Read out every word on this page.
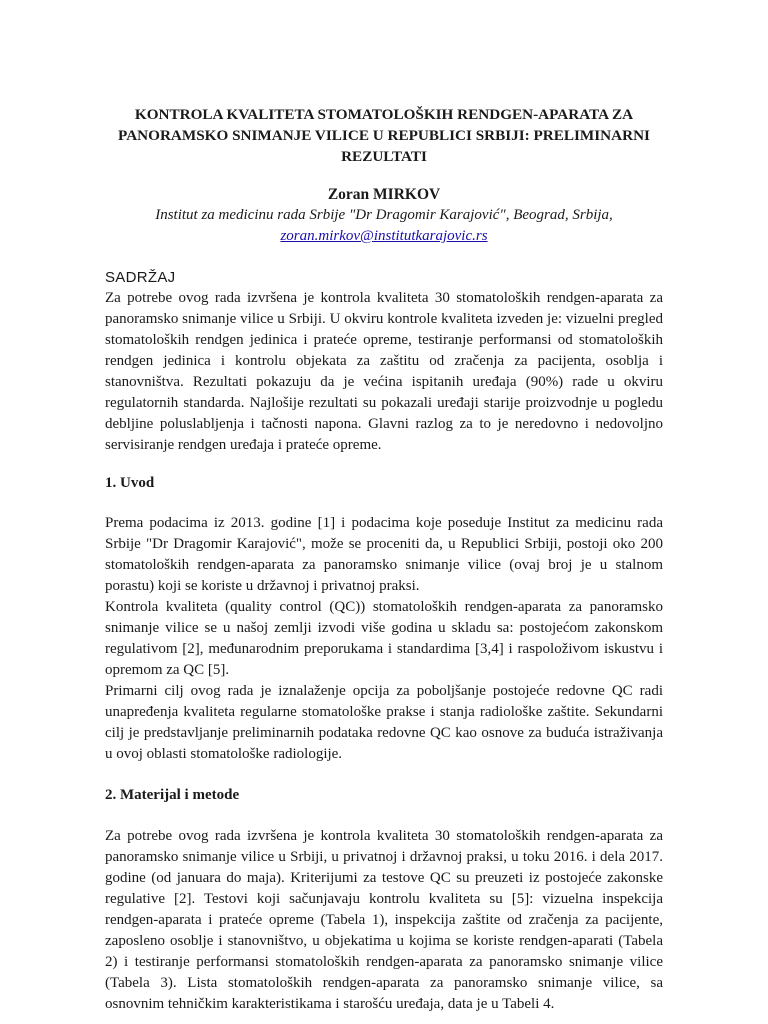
KONTROLA KVALITETA STOMATOLOŠKIH RENDGEN-APARATA ZA PANORAMSKO SNIMANJE VILICE U REPUBLICI SRBIJI: PRELIMINARNI REZULTATI
Zoran MIRKOV
Institut za medicinu rada Srbije "Dr Dragomir Karajović", Beograd, Srbija,
zoran.mirkov@institutkarajovic.rs
SADRŽAJ

Za potrebe ovog rada izvršena je kontrola kvaliteta 30 stomatoloških rendgen-aparata za panoramsko snimanje vilice u Srbiji. U okviru kontrole kvaliteta izveden je: vizuelni pregled stomatoloških rendgen jedinica i prateće opreme, testiranje performansi od stomatoloških rendgen jedinica i kontrolu objekata za zaštitu od zračenja za pacijenta, osoblja i stanovništva. Rezultati pokazuju da je većina ispitanih uređaja (90%) rade u okviru regulatornih standarda. Najlošije rezultati su pokazali uređaji starije proizvodnje u pogledu debljine poluslabljenja i tačnosti napona. Glavni razlog za to je neredovno i nedovoljno servisiranje rendgen uređaja i prateće opreme.

1. Uvod

Prema podacima iz 2013. godine [1] i podacima koje poseduje Institut za medicinu rada Srbije "Dr Dragomir Karajović", može se proceniti da, u Republici Srbiji, postoji oko 200 stomatoloških rendgen-aparata za panoramsko snimanje vilice (ovaj broj je u stalnom porastu) koji se koriste u državnoj i privatnoj praksi.

Kontrola kvaliteta (quality control (QC)) stomatoloških rendgen-aparata za panoramsko snimanje vilice se u našoj zemlji izvodi više godina u skladu sa: postojećom zakonskom regulativom [2], međunarodnim preporukama i standardima [3,4] i raspoloživom iskustvu i opremom za QC [5].

Primarni cilj ovog rada je iznalaženje opcija za poboljšanje postojeće redovne QC radi unapređenja kvaliteta regularne stomatološke prakse i stanja radiološke zaštite. Sekundarni cilj je predstavljanje preliminarnih podataka redovne QC kao osnove za buduća istraživanja u ovoj oblasti stomatološke radiologije.

2. Materijal i metode

Za potrebe ovog rada izvršena je kontrola kvaliteta 30 stomatoloških rendgen-aparata za panoramsko snimanje vilice u Srbiji, u privatnoj i državnoj praksi, u toku 2016. i dela 2017. godine (od januara do maja). Kriterijumi za testove QC su preuzeti iz postojeće zakonske regulative [2]. Testovi koji sačunjavaju kontrolu kvaliteta su [5]: vizuelna inspekcija rendgen-aparata i prateće opreme (Tabela 1), inspekcija zaštite od zračenja za pacijente, zaposleno osoblje i stanovništvo, u objekatima u kojima se koriste rendgen-aparati (Tabela 2) i testiranje performansi stomatoloških rendgen-aparata za panoramsko snimanje vilice (Tabela 3). Lista stomatoloških rendgen-aparata za panoramsko snimanje vilice, sa osnovnim tehničkim karakteristikama i starošću uređaja, data je u Tabeli 4.
